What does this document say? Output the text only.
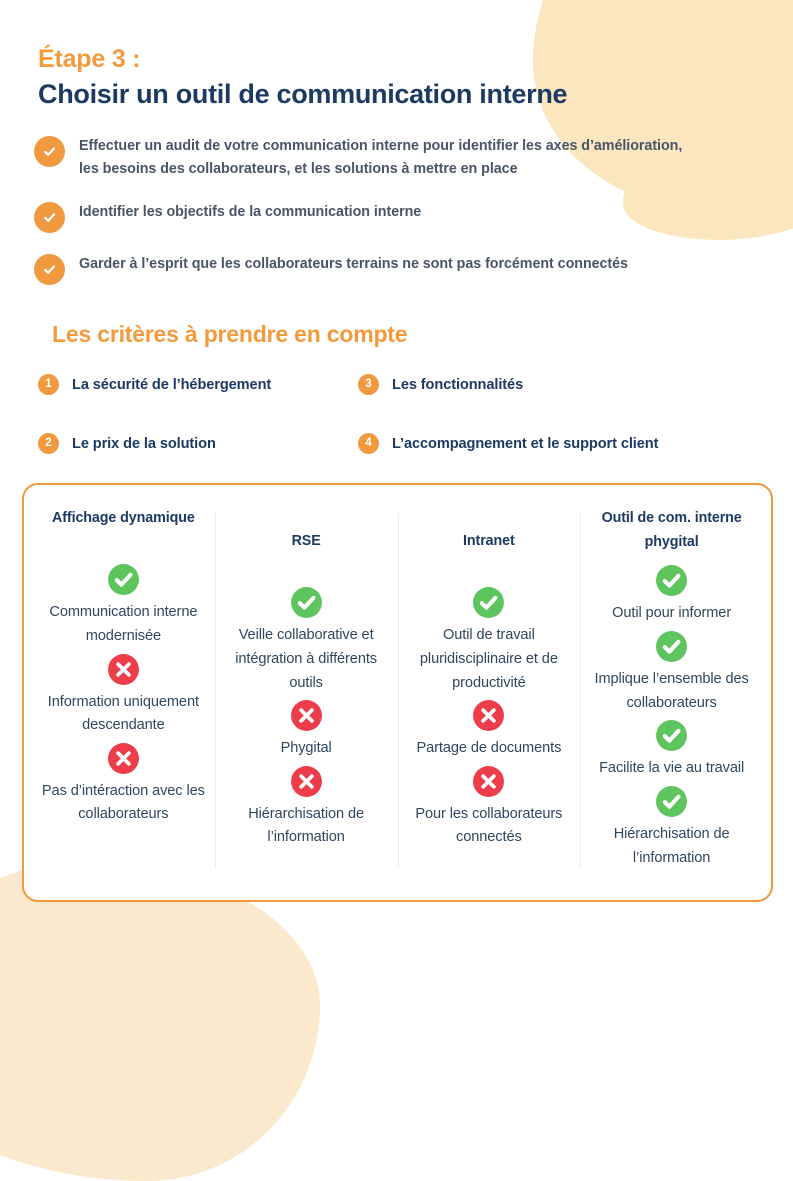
Étape 3 :
Choisir un outil de communication interne
Effectuer un audit de votre communication interne pour identifier les axes d’amélioration, les besoins des collaborateurs, et les solutions à mettre en place
Identifier les objectifs de la communication interne
Garder à l’esprit que les collaborateurs terrains ne sont pas forcément connectés
Les critères à prendre en compte
1	La sécurité de l’hébergement	3	Les fonctionnalités
2	Le prix de la solution	4	L’accompagnement et le support client
Affichage dynamique
Communication interne modernisée
Information uniquement descendante
Pas d’intéraction avec les collaborateurs
RSE
Veille collaborative et intégration à différents outils
Phygital
Hiérarchisation de l’information
Intranet
Outil de travail pluridisciplinaire et de productivité
Partage de documents
Pour les collaborateurs connectés
Outil de com. interne phygital
Outil pour informer
Implique l’ensemble des collaborateurs
Facilite la vie au travail
Hiérarchisation de l’information
